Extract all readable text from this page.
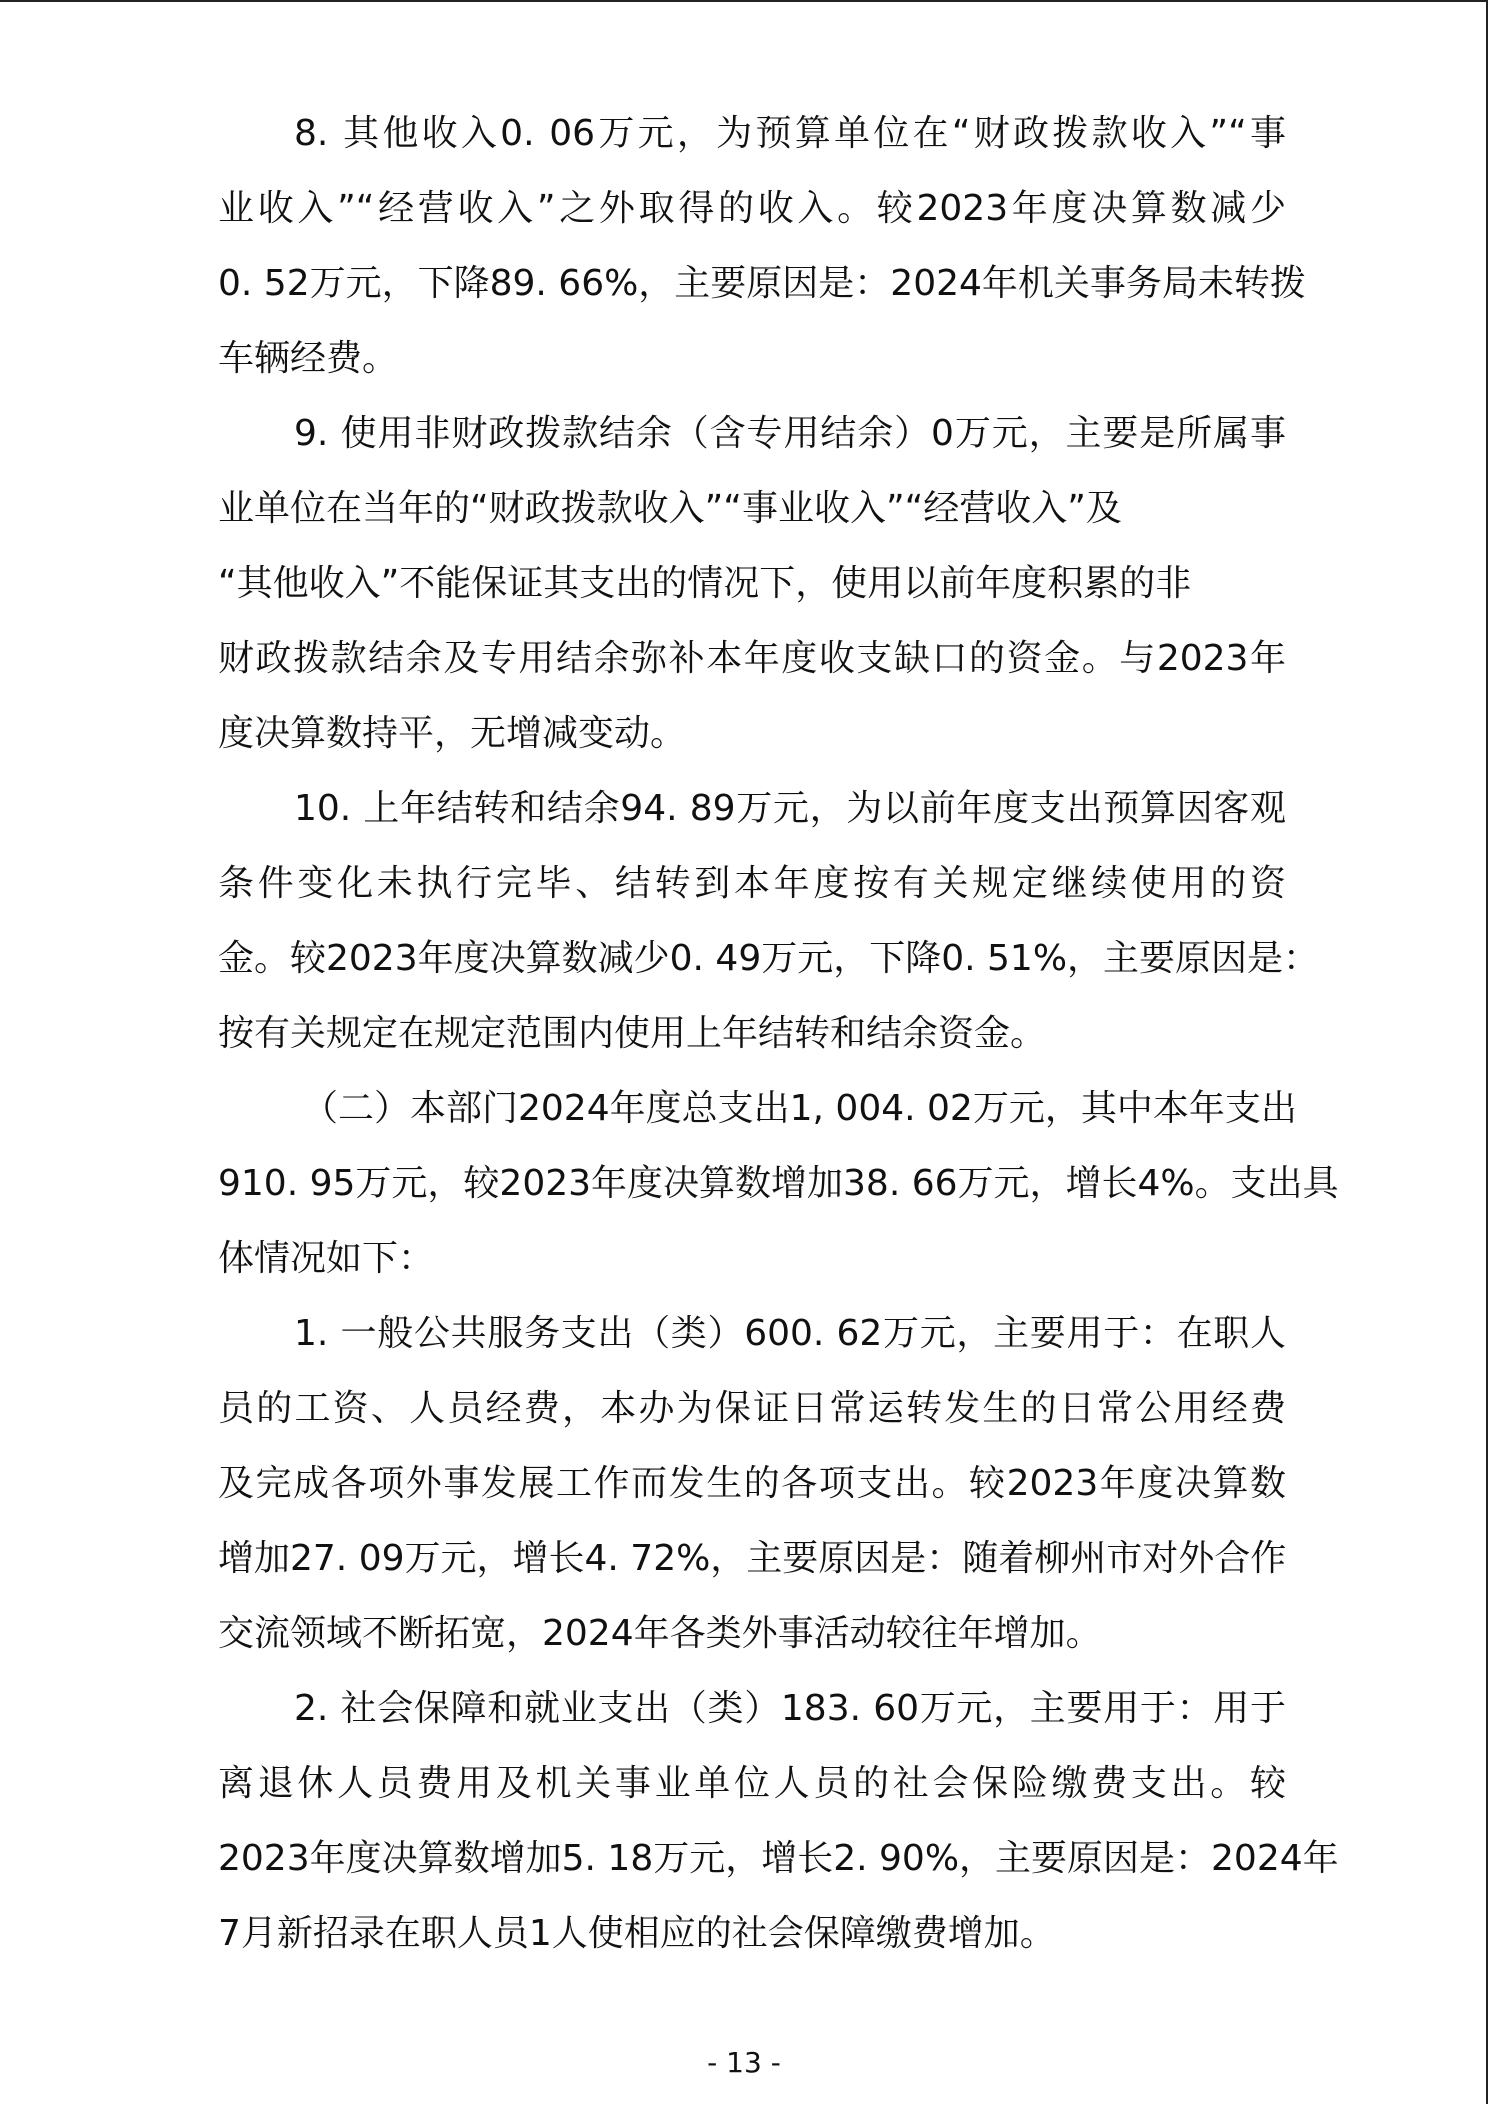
8. 其他收入0. 06万元，为预算单位在“财政拨款收入”“事
业收入”“经营收入”之外取得的收入。较2023年度决算数减少
0. 52万元，下降89. 66%，主要原因是：2024年机关事务局未转拨
车辆经费。
9. 使用非财政拨款结余（含专用结余）0万元，主要是所属事
业单位在当年的“财政拨款收入”“事业收入”“经营收入”及
“其他收入”不能保证其支出的情况下，使用以前年度积累的非
财政拨款结余及专用结余弥补本年度收支缺口的资金。与2023年
度决算数持平，无增减变动。
10. 上年结转和结余94. 89万元，为以前年度支出预算因客观
条件变化未执行完毕、结转到本年度按有关规定继续使用的资
金。较2023年度决算数减少0. 49万元，下降0. 51%，主要原因是：
按有关规定在规定范围内使用上年结转和结余资金。
（二）本部门2024年度总支出1, 004. 02万元，其中本年支出
910. 95万元，较2023年度决算数增加38. 66万元，增长4%。支出具
体情况如下：
1. 一般公共服务支出（类）600. 62万元，主要用于：在职人
员的工资、人员经费，本办为保证日常运转发生的日常公用经费
及完成各项外事发展工作而发生的各项支出。较2023年度决算数
增加27. 09万元，增长4. 72%，主要原因是：随着柳州市对外合作
交流领域不断拓宽，2024年各类外事活动较往年增加。
2. 社会保障和就业支出（类）183. 60万元，主要用于：用于
离退休人员费用及机关事业单位人员的社会保险缴费支出。较
2023年度决算数增加5. 18万元，增长2. 90%，主要原因是：2024年
7月新招录在职人员1人使相应的社会保障缴费增加。
- 13 -
